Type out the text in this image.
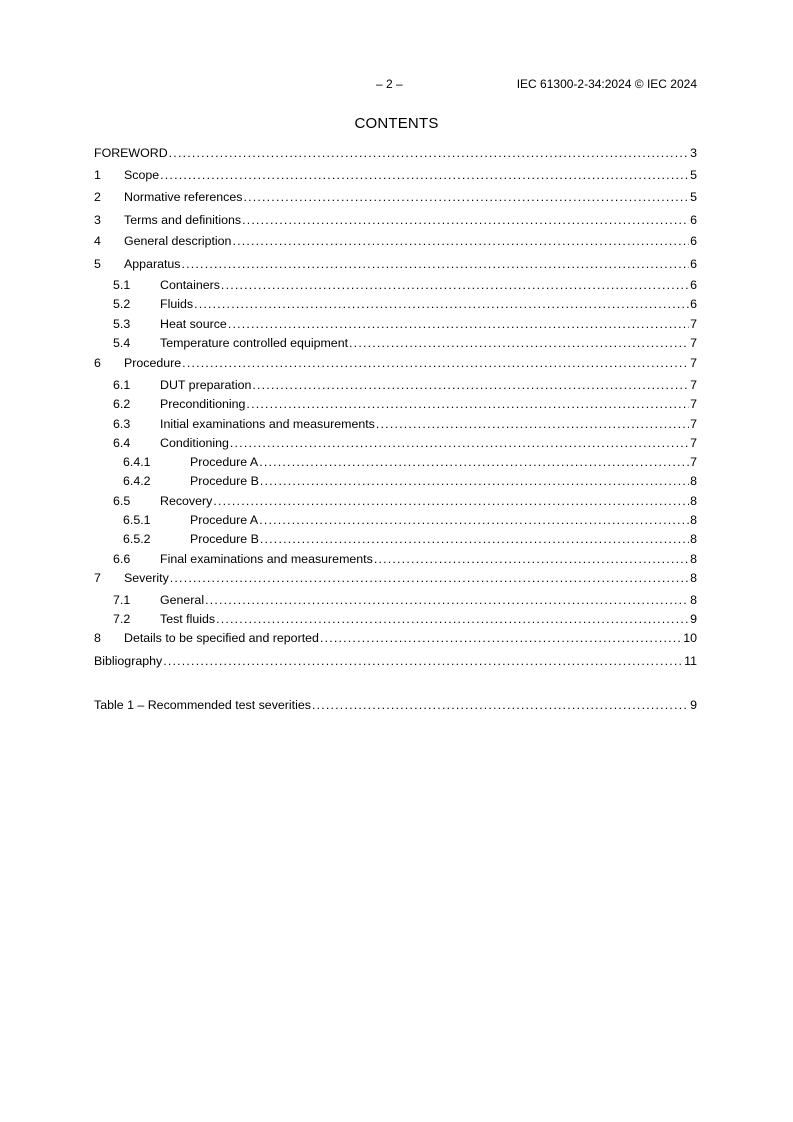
– 2 –	IEC 61300-2-34:2024 © IEC 2024
CONTENTS
FOREWORD .....	3
1 Scope .....	5
2 Normative references .....	5
3 Terms and definitions .....	6
4 General description .....	6
5 Apparatus .....	6
5.1 Containers .....	6
5.2 Fluids .....	6
5.3 Heat source .....	7
5.4 Temperature controlled equipment .....	7
6 Procedure .....	7
6.1 DUT preparation .....	7
6.2 Preconditioning .....	7
6.3 Initial examinations and measurements .....	7
6.4 Conditioning .....	7
6.4.1	Procedure A .....	7
6.4.2	Procedure B .....	8
6.5 Recovery .....	8
6.5.1	Procedure A .....	8
6.5.2	Procedure B .....	8
6.6 Final examinations and measurements .....	8
7 Severity .....	8
7.1 General .....	8
7.2 Test fluids .....	9
8 Details to be specified and reported .....	10
Bibliography .....	11
Table 1 – Recommended test severities .....	9
